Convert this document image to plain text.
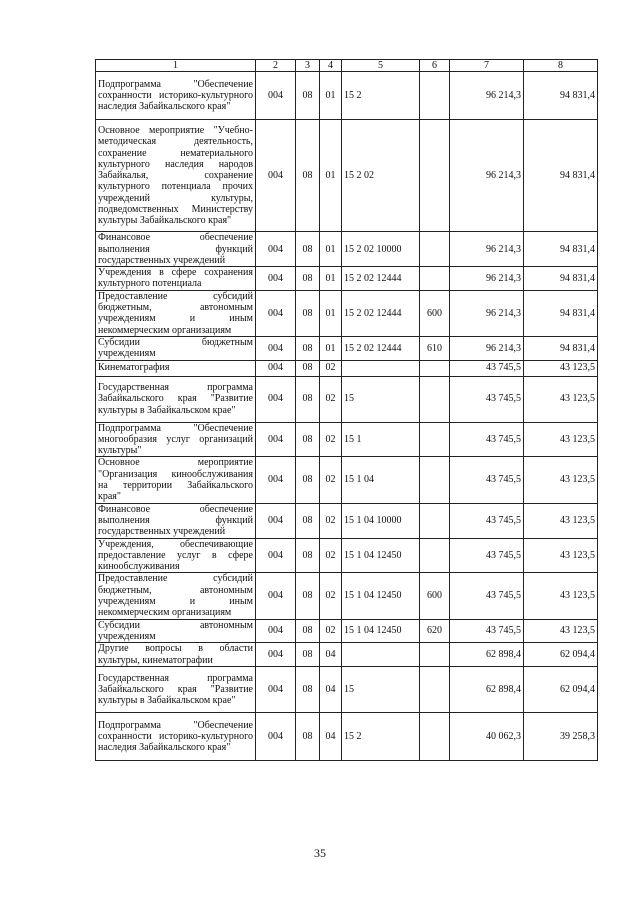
1	2	3	4	5	6	7	8
Подпрограмма "Обеспечение сохранности историко-культурного наследия Забайкальского края"	004	08	01	15 2		96 214,3	94 831,4
Основное мероприятие "Учебно-методическая деятельность, сохранение нематериального культурного наследия народов Забайкалья, сохранение культурного потенциала прочих учреждений культуры, подведомственных Министерству культуры Забайкальского края"	004	08	01	15 2 02		96 214,3	94 831,4
Финансовое обеспечение выполнения функций государственных учреждений	004	08	01	15 2 02 10000		96 214,3	94 831,4
Учреждения в сфере сохранения культурного потенциала	004	08	01	15 2 02 12444		96 214,3	94 831,4
Предоставление субсидий бюджетным, автономным учреждениям и иным некоммерческим организациям	004	08	01	15 2 02 12444	600	96 214,3	94 831,4
Субсидии бюджетным учреждениям	004	08	01	15 2 02 12444	610	96 214,3	94 831,4
Кинематография	004	08	02			43 745,5	43 123,5
Государственная программа Забайкальского края "Развитие культуры в Забайкальском крае"	004	08	02	15		43 745,5	43 123,5
Подпрограмма "Обеспечение многообразия услуг организаций культуры"	004	08	02	15 1		43 745,5	43 123,5
Основное мероприятие "Организация кинообслуживания на территории Забайкальского края"	004	08	02	15 1 04		43 745,5	43 123,5
Финансовое обеспечение выполнения функций государственных учреждений	004	08	02	15 1 04 10000		43 745,5	43 123,5
Учреждения, обеспечивающие предоставление услуг в сфере кинообслуживания	004	08	02	15 1 04 12450		43 745,5	43 123,5
Предоставление субсидий бюджетным, автономным учреждениям и иным некоммерческим организациям	004	08	02	15 1 04 12450	600	43 745,5	43 123,5
Субсидии автономным учреждениям	004	08	02	15 1 04 12450	620	43 745,5	43 123,5
Другие вопросы в области культуры, кинематографии	004	08	04			62 898,4	62 094,4
Государственная программа Забайкальского края "Развитие культуры в Забайкальском крае"	004	08	04	15		62 898,4	62 094,4
Подпрограмма "Обеспечение сохранности историко-культурного наследия Забайкальского края"	004	08	04	15 2		40 062,3	39 258,3
35
